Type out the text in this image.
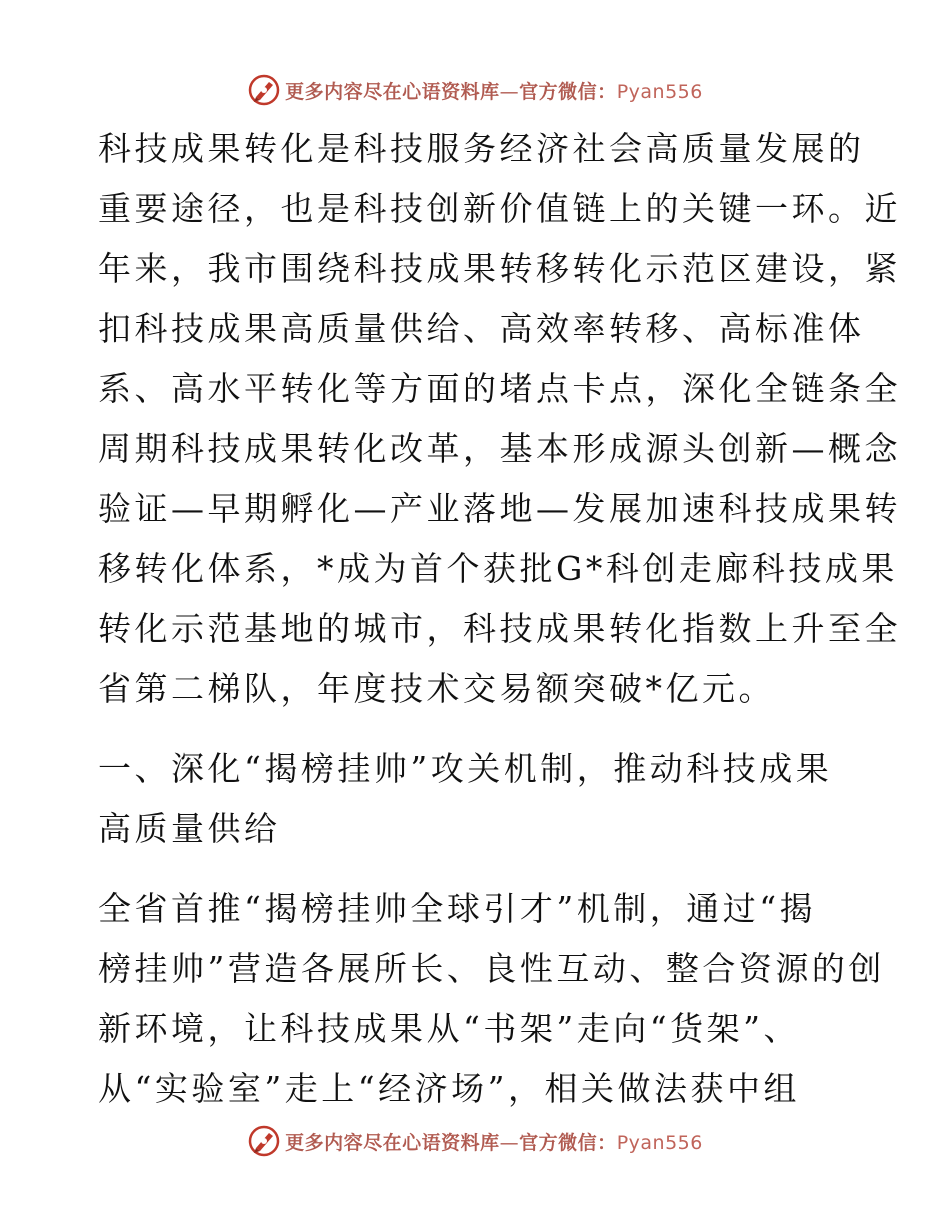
更多内容尽在心语资料库—官方微信：Pyan556
科技成果转化是科技服务经济社会高质量发展的
重要途径，也是科技创新价值链上的关键一环。近
年来，我市围绕科技成果转移转化示范区建设，紧
扣科技成果高质量供给、高效率转移、高标准体
系、高水平转化等方面的堵点卡点，深化全链条全
周期科技成果转化改革，基本形成源头创新—概念
验证—早期孵化—产业落地—发展加速科技成果转
移转化体系，*成为首个获批G*科创走廊科技成果
转化示范基地的城市，科技成果转化指数上升至全
省第二梯队，年度技术交易额突破*亿元。
一、深化“揭榜挂帅”攻关机制，推动科技成果
高质量供给
全省首推“揭榜挂帅全球引才”机制，通过“揭
榜挂帅”营造各展所长、良性互动、整合资源的创
新环境，让科技成果从“书架”走向“货架”、
从“实验室”走上“经济场”，相关做法获中组
更多内容尽在心语资料库—官方微信：Pyan556
